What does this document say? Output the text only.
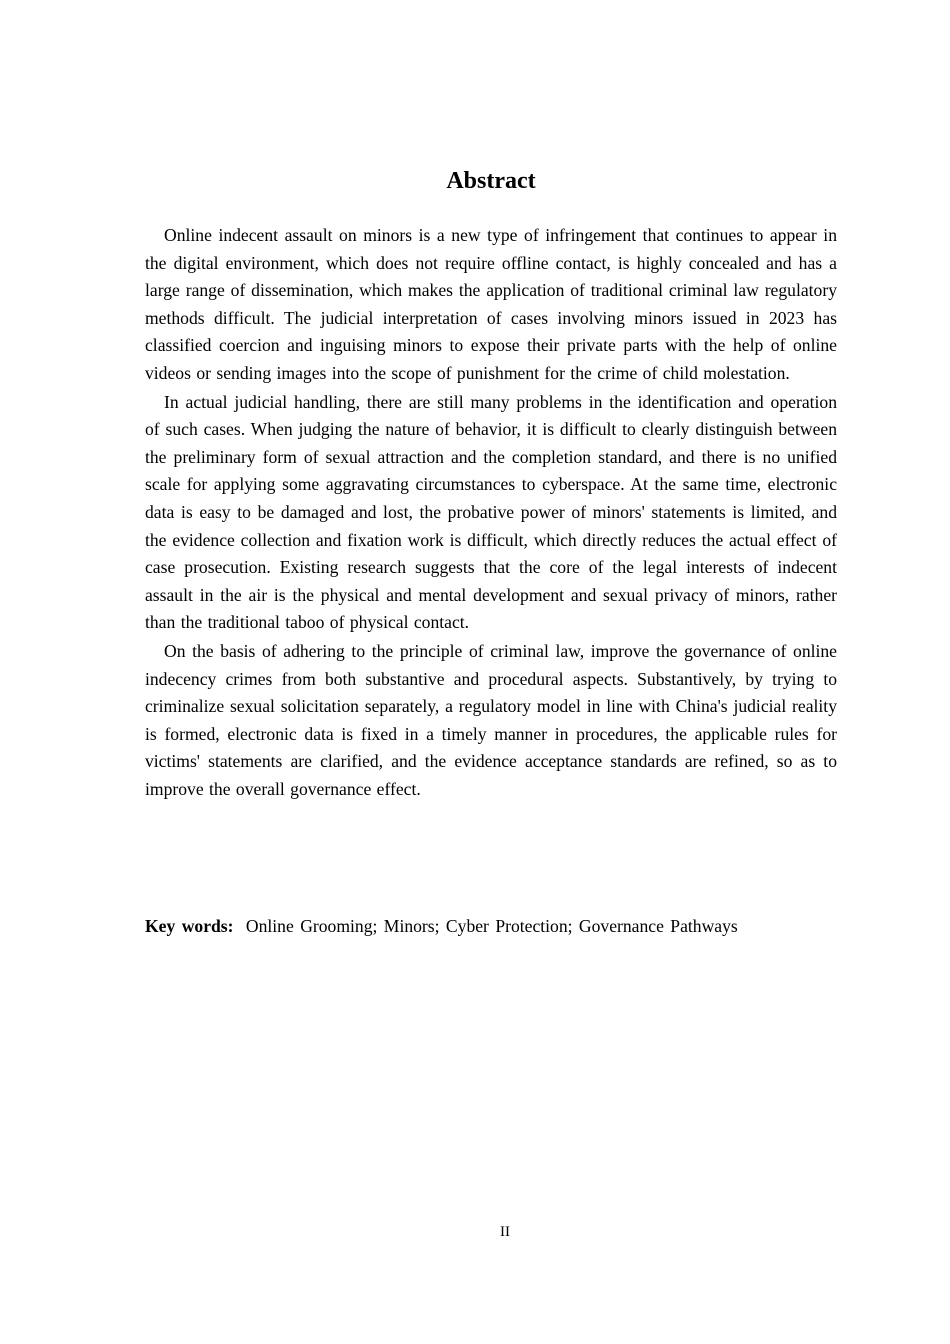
Abstract

Online indecent assault on minors is a new type of infringement that continues to appear in the digital environment, which does not require offline contact, is highly concealed and has a large range of dissemination, which makes the application of traditional criminal law regulatory methods difficult. The judicial interpretation of cases involving minors issued in 2023 has classified coercion and inguising minors to expose their private parts with the help of online videos or sending images into the scope of punishment for the crime of child molestation.

In actual judicial handling, there are still many problems in the identification and operation of such cases. When judging the nature of behavior, it is difficult to clearly distinguish between the preliminary form of sexual attraction and the completion standard, and there is no unified scale for applying some aggravating circumstances to cyberspace. At the same time, electronic data is easy to be damaged and lost, the probative power of minors' statements is limited, and the evidence collection and fixation work is difficult, which directly reduces the actual effect of case prosecution. Existing research suggests that the core of the legal interests of indecent assault in the air is the physical and mental development and sexual privacy of minors, rather than the traditional taboo of physical contact.

On the basis of adhering to the principle of criminal law, improve the governance of online indecency crimes from both substantive and procedural aspects. Substantively, by trying to criminalize sexual solicitation separately, a regulatory model in line with China's judicial reality is formed, electronic data is fixed in a timely manner in procedures, the applicable rules for victims' statements are clarified, and the evidence acceptance standards are refined, so as to improve the overall governance effect.

Key words: Online Grooming; Minors; Cyber Protection; Governance Pathways
II
